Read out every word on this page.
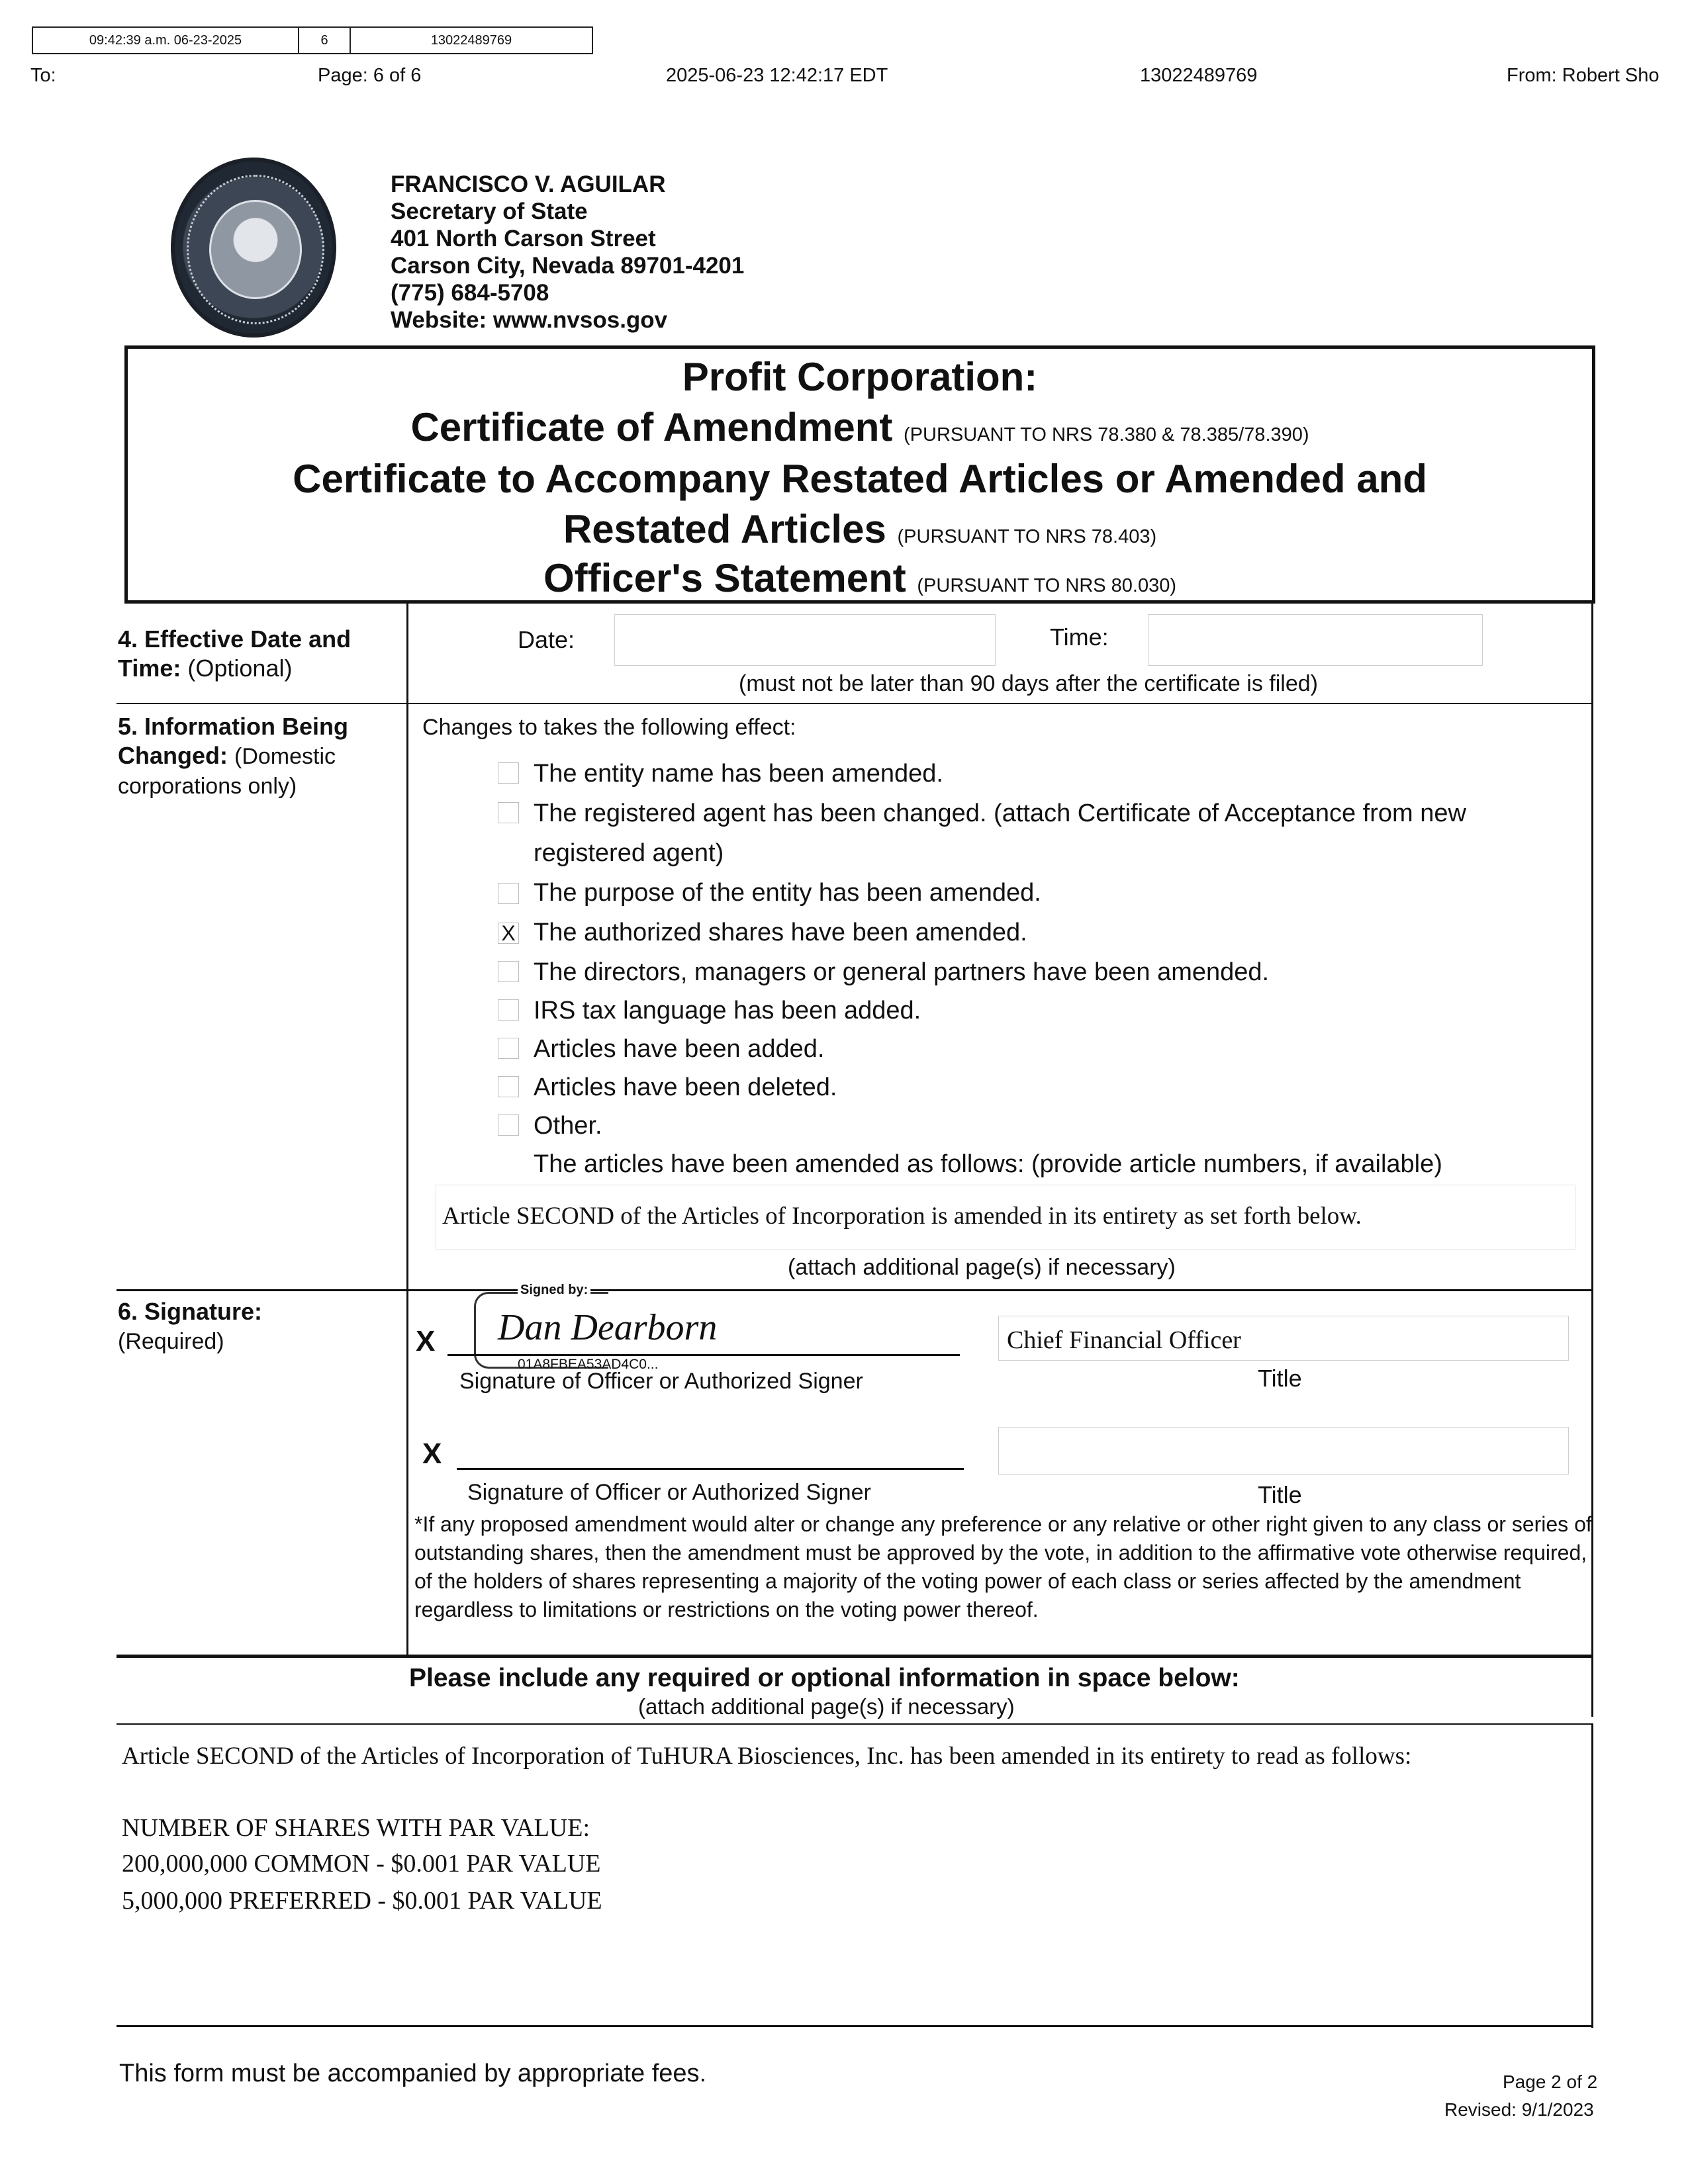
09:42:39 a.m. 06-23-2025	6	13022489769
To:	Page: 6 of 6	2025-06-23 12:42:17 EDT	13022489769	From: Robert Sho
FRANCISCO V. AGUILAR
Secretary of State
401 North Carson Street
Carson City, Nevada 89701-4201
(775) 684-5708
Website: www.nvsos.gov
Profit Corporation:
Certificate of Amendment (PURSUANT TO NRS 78.380 & 78.385/78.390)
Certificate to Accompany Restated Articles or Amended and
Restated Articles (PURSUANT TO NRS 78.403)
Officer's Statement (PURSUANT TO NRS 80.030)
4. Effective Date and
Time: (Optional)
Date:	Time:
(must not be later than 90 days after the certificate is filed)
5. Information Being
Changed: (Domestic
corporations only)
Changes to takes the following effect:
The entity name has been amended.
The registered agent has been changed. (attach Certificate of Acceptance from new
registered agent)
The purpose of the entity has been amended.
X The authorized shares have been amended.
The directors, managers or general partners have been amended.
IRS tax language has been added.
Articles have been added.
Articles have been deleted.
Other.
The articles have been amended as follows: (provide article numbers, if available)
Article SECOND of the Articles of Incorporation is amended in its entirety as set forth below.
(attach additional page(s) if necessary)
6. Signature:
(Required)	X
Signed by:
Dan Dearborn
01A8FBEA53AD4C0...
Signature of Officer or Authorized Signer
Chief Financial Officer
Title
X
Signature of Officer or Authorized Signer	Title
*If any proposed amendment would alter or change any preference or any relative or other right given to any class or series of outstanding shares, then the amendment must be approved by the vote, in addition to the affirmative vote otherwise required, of the holders of shares representing a majority of the voting power of each class or series affected by the amendment regardless to limitations or restrictions on the voting power thereof.
Please include any required or optional information in space below:
(attach additional page(s) if necessary)
Article SECOND of the Articles of Incorporation of TuHURA Biosciences, Inc. has been amended in its entirety to read as follows:
NUMBER OF SHARES WITH PAR VALUE:
200,000,000 COMMON - $0.001 PAR VALUE
5,000,000 PREFERRED - $0.001 PAR VALUE
This form must be accompanied by appropriate fees.	Page 2 of 2
Revised: 9/1/2023
